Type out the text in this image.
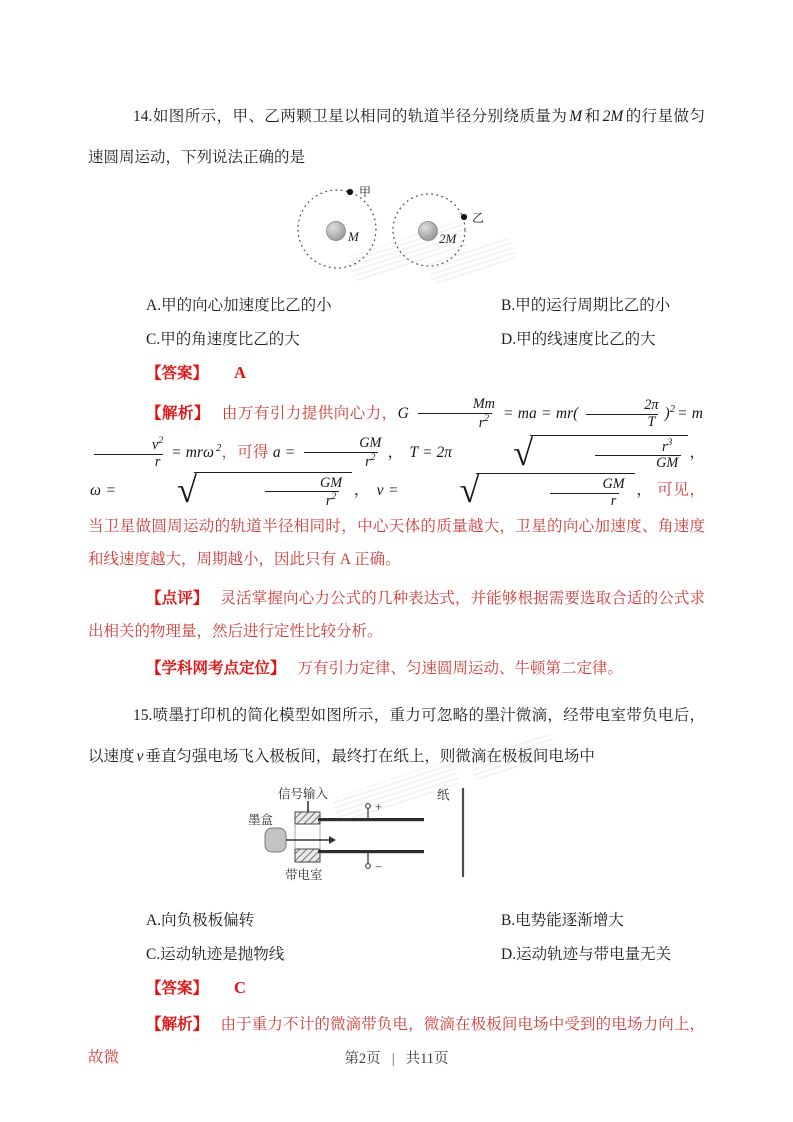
14.如图所示，甲、乙两颗卫星以相同的轨道半径分别绕质量为 M 和 2M 的行星做匀速圆周运动，下列说法正确的是
M	2M
甲
乙
A.甲的向心加速度比乙的小	B.甲的运行周期比乙的小
C.甲的角速度比乙的大	D.甲的线速度比乙的大
【答案】 A
【解析】 由万有引力提供向心力，G $\frac{Mm}{r^2}$ = ma = $mr( \frac{2\pi}{T} )^2 = m$
$\frac{v^2}{r} = mr\omega$ $^2$，可得 $a = \frac{GM}{r^2}$ ， T = 2π	√	$\frac{r^3}{GM}$ ， ω =	√	$\frac{GM}{r^2}$ ， v =	√	$\frac{GM}{r}$ ， 可见，当卫星做圆周运动的轨道半径相同时，中心天体的质量越大，卫星的向心加速度、角速度和线速度越大，周期越小，因此只有 A 正确。
【点评】 灵活掌握向心力公式的几种表达式，并能够根据需要选取合适的公式求出相关的物理量，然后进行定性比较分析。
【学科网考点定位】 万有引力定律、匀速圆周运动、牛顿第二定律。
15.喷墨打印机的简化模型如图所示，重力可忽略的墨汁微滴，经带电室带负电后，以速度 v 垂直匀强电场飞入极板间，最终打在纸上，则微滴在极板间电场中
信号输入
墨盒
带电室
+
−
纸
A.向负极板偏转	B.电势能逐渐增大
C.运动轨迹是抛物线	D.运动轨迹与带电量无关
【答案】 C
【解析】 由于重力不计的微滴带负电，微滴在极板间电场中受到的电场力向上，故微	第2页 | 共11页
